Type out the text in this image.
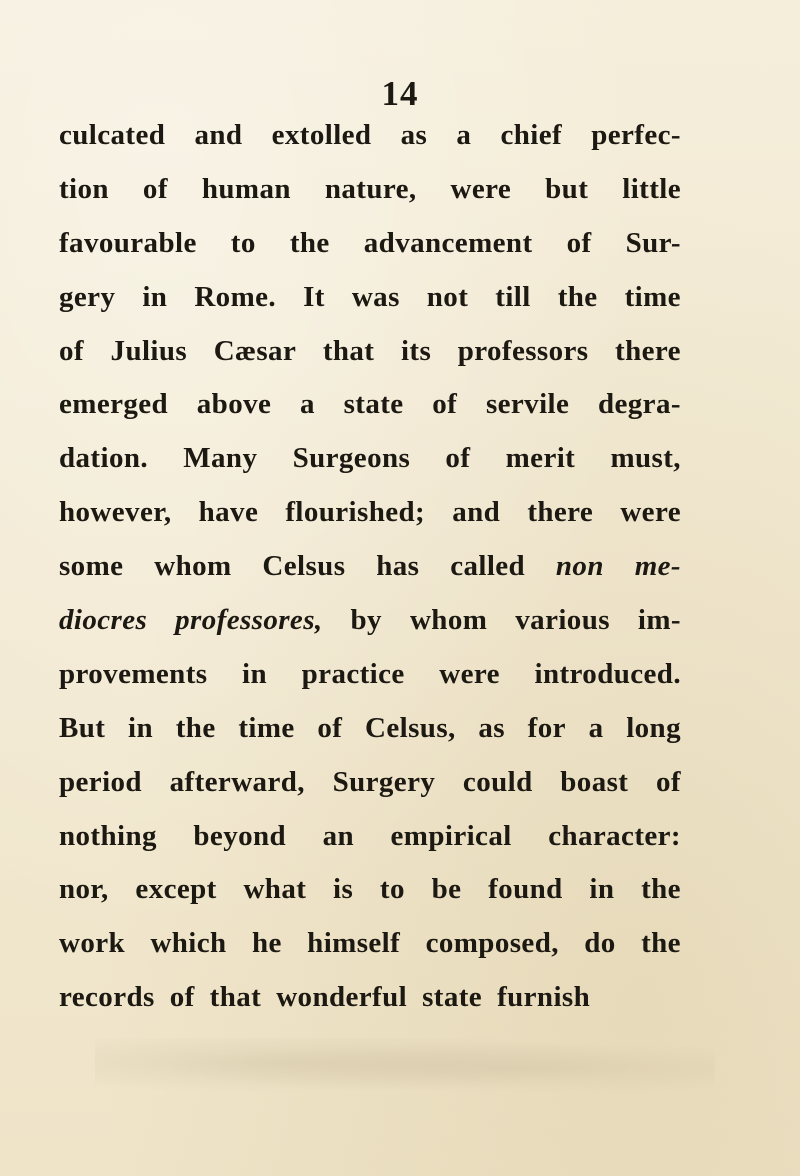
14
culcated and extolled as a chief perfec-
tion of human nature, were but little
favourable to the advancement of Sur-
gery in Rome. It was not till the time
of Julius Cæsar that its professors there
emerged above a state of servile degra-
dation. Many Surgeons of merit must,
however, have flourished; and there were
some whom Celsus has called non me-
diocres professores, by whom various im-
provements in practice were introduced.
But in the time of Celsus, as for a long
period afterward, Surgery could boast of
nothing beyond an empirical character:
nor, except what is to be found in the
work which he himself composed, do the
records of that wonderful state furnish
